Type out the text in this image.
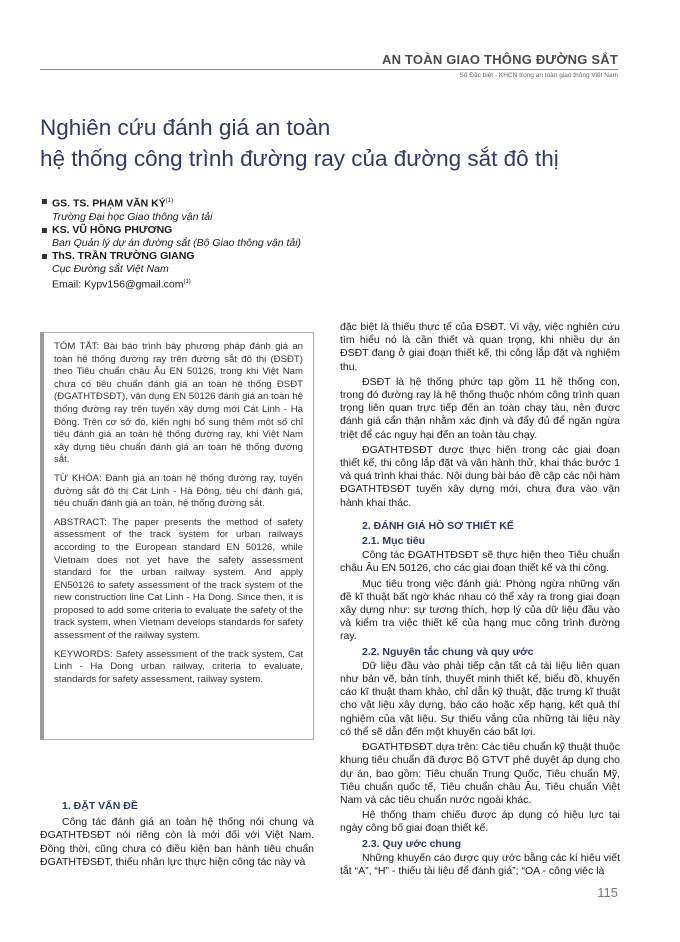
AN TOÀN GIAO THÔNG ĐƯỜNG SẮT
Số Đặc biệt - KHCN trong an toàn giao thông Việt Nam
Nghiên cứu đánh giá an toàn
hệ thống công trình đường ray của đường sắt đô thị
GS. TS. PHẠM VĂN KÝ$^{(1)}$
Trường Đại học Giao thông vận tải
KS. VŨ HỒNG PHƯƠNG
Ban Quản lý dự án đường sắt (Bộ Giao thông vận tải)
ThS. TRẦN TRƯỜNG GIANG
Cục Đường sắt Việt Nam
Email: Kypv156@gmail.com$^{(1)}$

TÓM TẮT: Bài báo trình bày phương pháp đánh giá an toàn hệ thống đường ray trên đường sắt đô thị (ĐSĐT) theo Tiêu chuẩn châu Âu EN 50126, trong khi Việt Nam chưa có tiêu chuẩn đánh giá an toàn hệ thống ĐSĐT (ĐGATHTĐSĐT), vận dụng EN 50126 đánh giá an toàn hệ thống đường ray trên tuyến xây dựng mới Cát Linh - Hà Đông. Trên cơ sở đó, kiến nghị bổ sung thêm một số chỉ tiêu đánh giá an toàn hệ thống đường ray, khi Việt Nam xây dựng tiêu chuẩn đánh giá an toàn hệ thống đường sắt.

TỪ KHÓA: Đánh giá an toàn hệ thống đường ray, tuyến đường sắt đô thị Cát Linh - Hà Đông, tiêu chí đánh giá, tiêu chuẩn đánh giá an toàn, hệ thống đường sắt.

ABSTRACT: The paper presents the method of safety assessment of the track system for urban railways according to the European standard EN 50126, while Vietnam does not yet have the safety assessment standard for the urban railway system. And apply EN50126 to safety assessment of the track system of the new construction line Cat Linh - Ha Dong. Since then, it is proposed to add some criteria to evaluate the safety of the track system, when Vietnam develops standards for safety assessment of the railway system.

KEYWORDS: Safety assessment of the track system, Cat Linh - Ha Dong urban railway, criteria to evaluate, standards for safety assessment, railway system.

1. ĐẶT VẤN ĐỀ

Công tác đánh giá an toàn hệ thống nói chung và ĐGATHTĐSĐT nói riêng còn là mới đối với Việt Nam. Đồng thời, cũng chưa có điều kiện ban hành tiêu chuẩn ĐGATHTĐSĐT, thiếu nhân lực thực hiện công tác này và

đặc biệt là thiếu thực tế của ĐSĐT. Vì vậy, việc nghiên cứu tìm hiểu nó là cần thiết và quan trọng, khi nhiều dự án ĐSĐT đang ở giai đoạn thiết kế, thi công lắp đặt và nghiệm thu.

ĐSĐT là hệ thống phức tạp gồm 11 hệ thống con, trong đó đường ray là hệ thống thuộc nhóm công trình quan trọng liên quan trực tiếp đến an toàn chạy tàu, nên được đánh giá cẩn thận nhằm xác định và đẩy đủ để ngăn ngừa triệt để các nguy hại đến an toàn tàu chạy.

ĐGATHTĐSĐT được thực hiện trong các giai đoạn thiết kế, thi công lắp đặt và vận hành thử, khai thác bước 1 và quá trình khai thác. Nội dung bài báo đề cập các nội hàm ĐGATHTĐSĐT tuyến xây dựng mới, chưa đưa vào vận hành khai thác.

2. ĐÁNH GIÁ HỒ SƠ THIẾT KẾ
2.1. Mục tiêu

Công tác ĐGATHTĐSĐT sẽ thực hiện theo Tiêu chuẩn châu Âu EN 50126, cho các giai đoạn thiết kế và thi công.

Mục tiêu trong việc đánh giá: Phòng ngừa những vấn đề kĩ thuật bất ngờ khác nhau có thể xảy ra trong giai đoạn xây dựng như: sự tương thích, hợp lý của dữ liệu đầu vào và kiểm tra việc thiết kế của hạng mục công trình đường ray.

2.2. Nguyên tắc chung và quy ước

Dữ liệu đầu vào phải tiếp cận tất cả tài liệu liên quan như bản vẽ, bản tính, thuyết minh thiết kế, biểu đồ, khuyến cáo kĩ thuật tham khảo, chỉ dẫn kỹ thuật, đặc trưng kĩ thuật cho vật liệu xây dựng, báo cáo hoặc xếp hạng, kết quả thí nghiệm của vật liệu. Sự thiếu vắng của những tài liệu này có thể sẽ dẫn đến một khuyến cáo bất lợi.

ĐGATHTĐSĐT dựa trên: Các tiêu chuẩn kỹ thuật thuộc khung tiêu chuẩn đã được Bộ GTVT phê duyệt áp dụng cho dự án, bao gồm: Tiêu chuẩn Trung Quốc, Tiêu chuẩn Mỹ, Tiêu chuẩn quốc tế, Tiêu chuẩn châu Âu, Tiêu chuẩn Việt Nam và các tiêu chuẩn nước ngoài khác.

Hệ thống tham chiếu được áp dụng có hiệu lực tại ngày công bố giai đoạn thiết kế.

2.3. Quy ước chung

Những khuyến cáo được quy ước bằng các kí hiệu viết tắt “A”, “H” - thiếu tài liệu để đánh giá”; “OA - công việc là

115
